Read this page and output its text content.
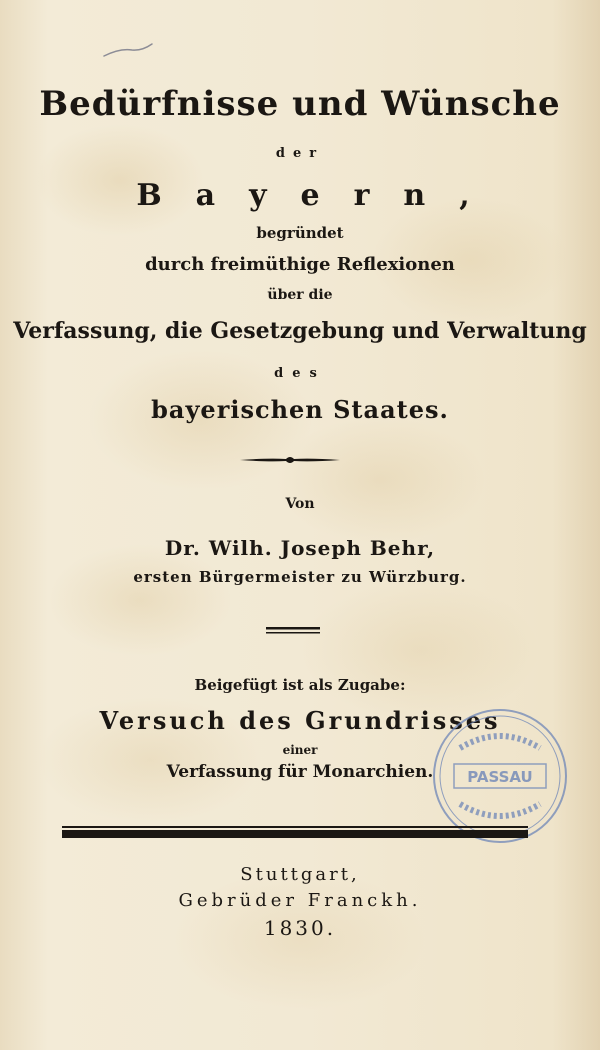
Bedürfnisse und Wünsche
der
Bayern,
begründet
durch freimüthige Reflexionen
über die
Verfassung, die Gesetzgebung und Verwaltung
des
bayerischen Staates.
Von
Dr. Wilh. Joseph Behr,
ersten Bürgermeister zu Würzburg.
Beigefügt ist als Zugabe:
Versuch des Grundrisses
einer
Verfassung für Monarchien.	PASSAU
Stuttgart,
Gebrüder Franckh.
1830.
